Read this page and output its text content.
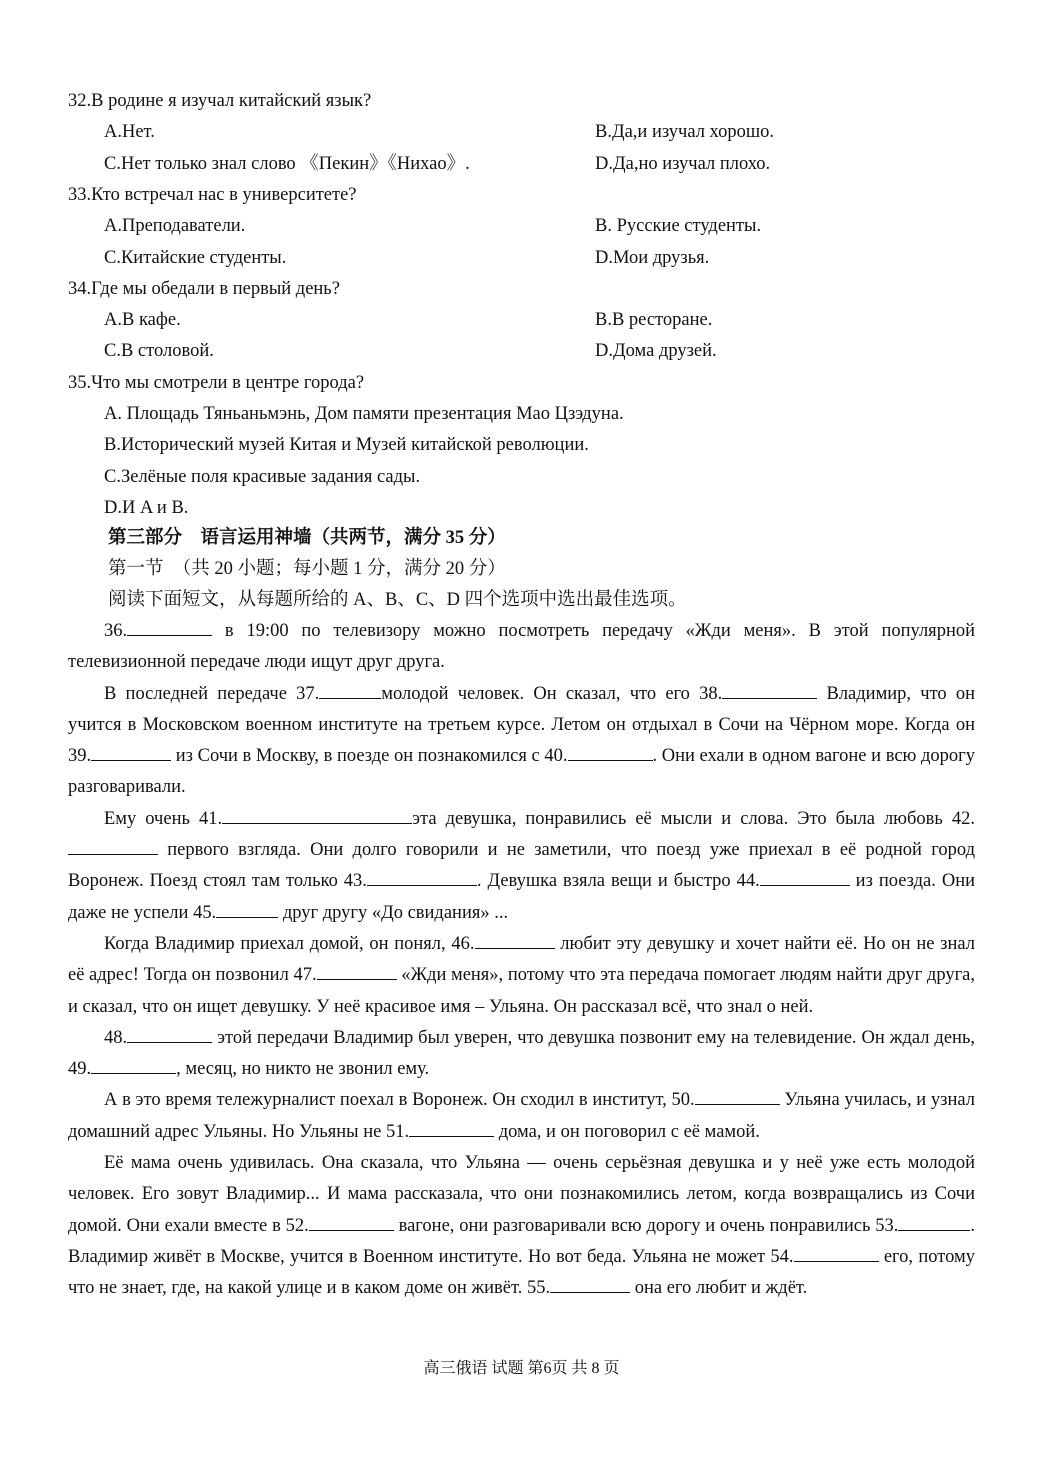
32.В родине я изучал китайский язык?
A.Нет.	B.Да,и изучал хорошо.
C.Нет только знал слово 《Пекин》《Нихао》.	D.Да,но изучал плохо.
33.Кто встречал нас в университете?
A.Преподаватели.	B. Русские студенты.
C.Китайские студенты.	D.Мои друзья.
34.Где мы обедали в первый день?
A.В кафе.	B.В ресторане.
C.В столовой.	D.Дома друзей.
35.Что мы смотрели в центре города?
A. Площадь Тяньаньмэнь, Дом памяти презентация Мао Цзэдуна.
B.Исторический музей Китая и Музей китайской революции.
C.Зелёные поля красивые задания сады.
D.И A и B.
第三部分　语言运用神墙（共两节，满分 35 分）
第一节　（共 20 小题；每小题 1 分，满分 20 分）
阅读下面短文，从每题所给的 A、B、C、D 四个选项中选出最佳选项。

36.	в 19:00 по телевизору можно посмотреть передачу «Жди меня». В этой популярной телевизионной передаче люди ищут друг друга.

В последней передаче 37.	молодой человек. Он сказал, что его 38.	Владимир, что он учится в Московском военном институте на третьем курсе. Летом он отдыхал в Сочи на Чёрном море. Когда он 39.	из Сочи в Москву, в поезде он познакомился с 40.	. Они ехали в одном вагоне и всю дорогу разговаривали.

Ему очень 41.	эта девушка, понравились её мысли и слова. Это была любовь 42. первого взгляда. Они долго говорили и не заметили, что поезд уже приехал в её родной город Воронеж. Поезд стоял там только 43.	. Девушка взяла вещи и быстро 44.	из поезда. Они даже не успели 45.	друг другу «До свидания» ...

Когда Владимир приехал домой, он понял, 46.	любит эту девушку и хочет найти её. Но он не знал её адрес! Тогда он позвонил 47.	«Жди меня», потому что эта передача помогает людям найти друг друга, и сказал, что он ищет девушку. У неё красивое имя – Ульяна. Он рассказал всё, что знал о ней.

48.	этой передачи Владимир был уверен, что девушка позвонит ему на телевидение. Он ждал день, 49.	, месяц, но никто не звонил ему.

А в это время тележурналист поехал в Воронеж. Он сходил в институт, 50.	Ульяна училась, и узнал домашний адрес Ульяны. Но Ульяны не 51.	дома, и он поговорил с её мамой.

Её мама очень удивилась. Она сказала, что Ульяна — очень серьёзная девушка и у неё уже есть молодой человек. Его зовут Владимир... И мама рассказала, что они познакомились летом, когда возвращались из Сочи домой. Они ехали вместе в 52.	вагоне, они разговаривали всю дорогу и очень понравились 53.	. Владимир живёт в Москве, учится в Военном институте. Но вот беда. Ульяна не может 54.	его, потому что не знает, где, на какой улице и в каком доме он живёт. 55.	она его любит и ждёт.

高三俄语 试题 第6页 共 8 页
